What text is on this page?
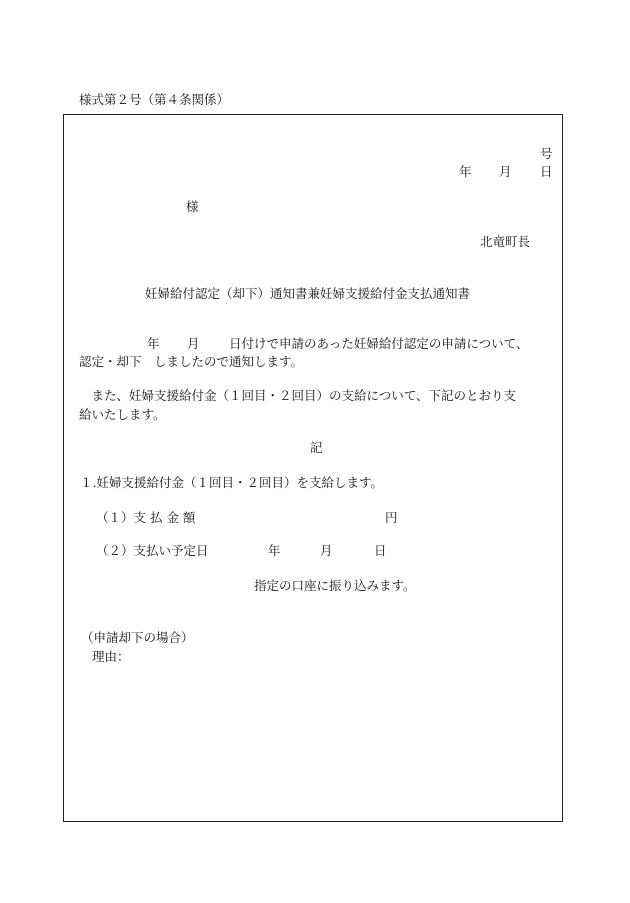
様式第２号（第４条関係）
号
年 月 日
様
北竜町長
妊婦給付認定（却下）通知書兼妊婦支援給付金支払通知書
年 月 日付けで申請のあった妊婦給付認定の申請について、
認定・却下　しましたので通知します。
　また、妊婦支援給付金（１回目・２回目）の支給について、下記のとおり支
給いたします。
記
１.妊婦支援給付金（１回目・２回目）を支給します。
（１）支 払 金 額	円
（２）支払い予定日	年	月	日
指定の口座に振り込みます。
（申請却下の場合）
理由：
